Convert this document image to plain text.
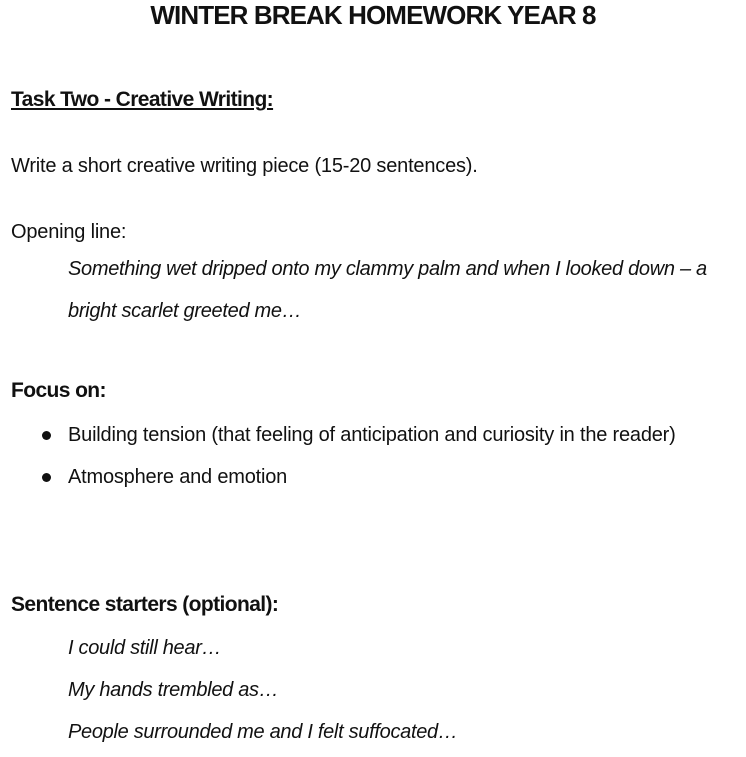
WINTER BREAK HOMEWORK YEAR 8
Task Two - Creative Writing:

Write a short creative writing piece (15-20 sentences).

Opening line:

Something wet dripped onto my clammy palm and when I looked down – a bright scarlet greeted me…

Focus on:
Building tension (that feeling of anticipation and curiosity in the reader)
Atmosphere and emotion
Sentence starters (optional):
I could still hear…
My hands trembled as…
People surrounded me and I felt suffocated…
